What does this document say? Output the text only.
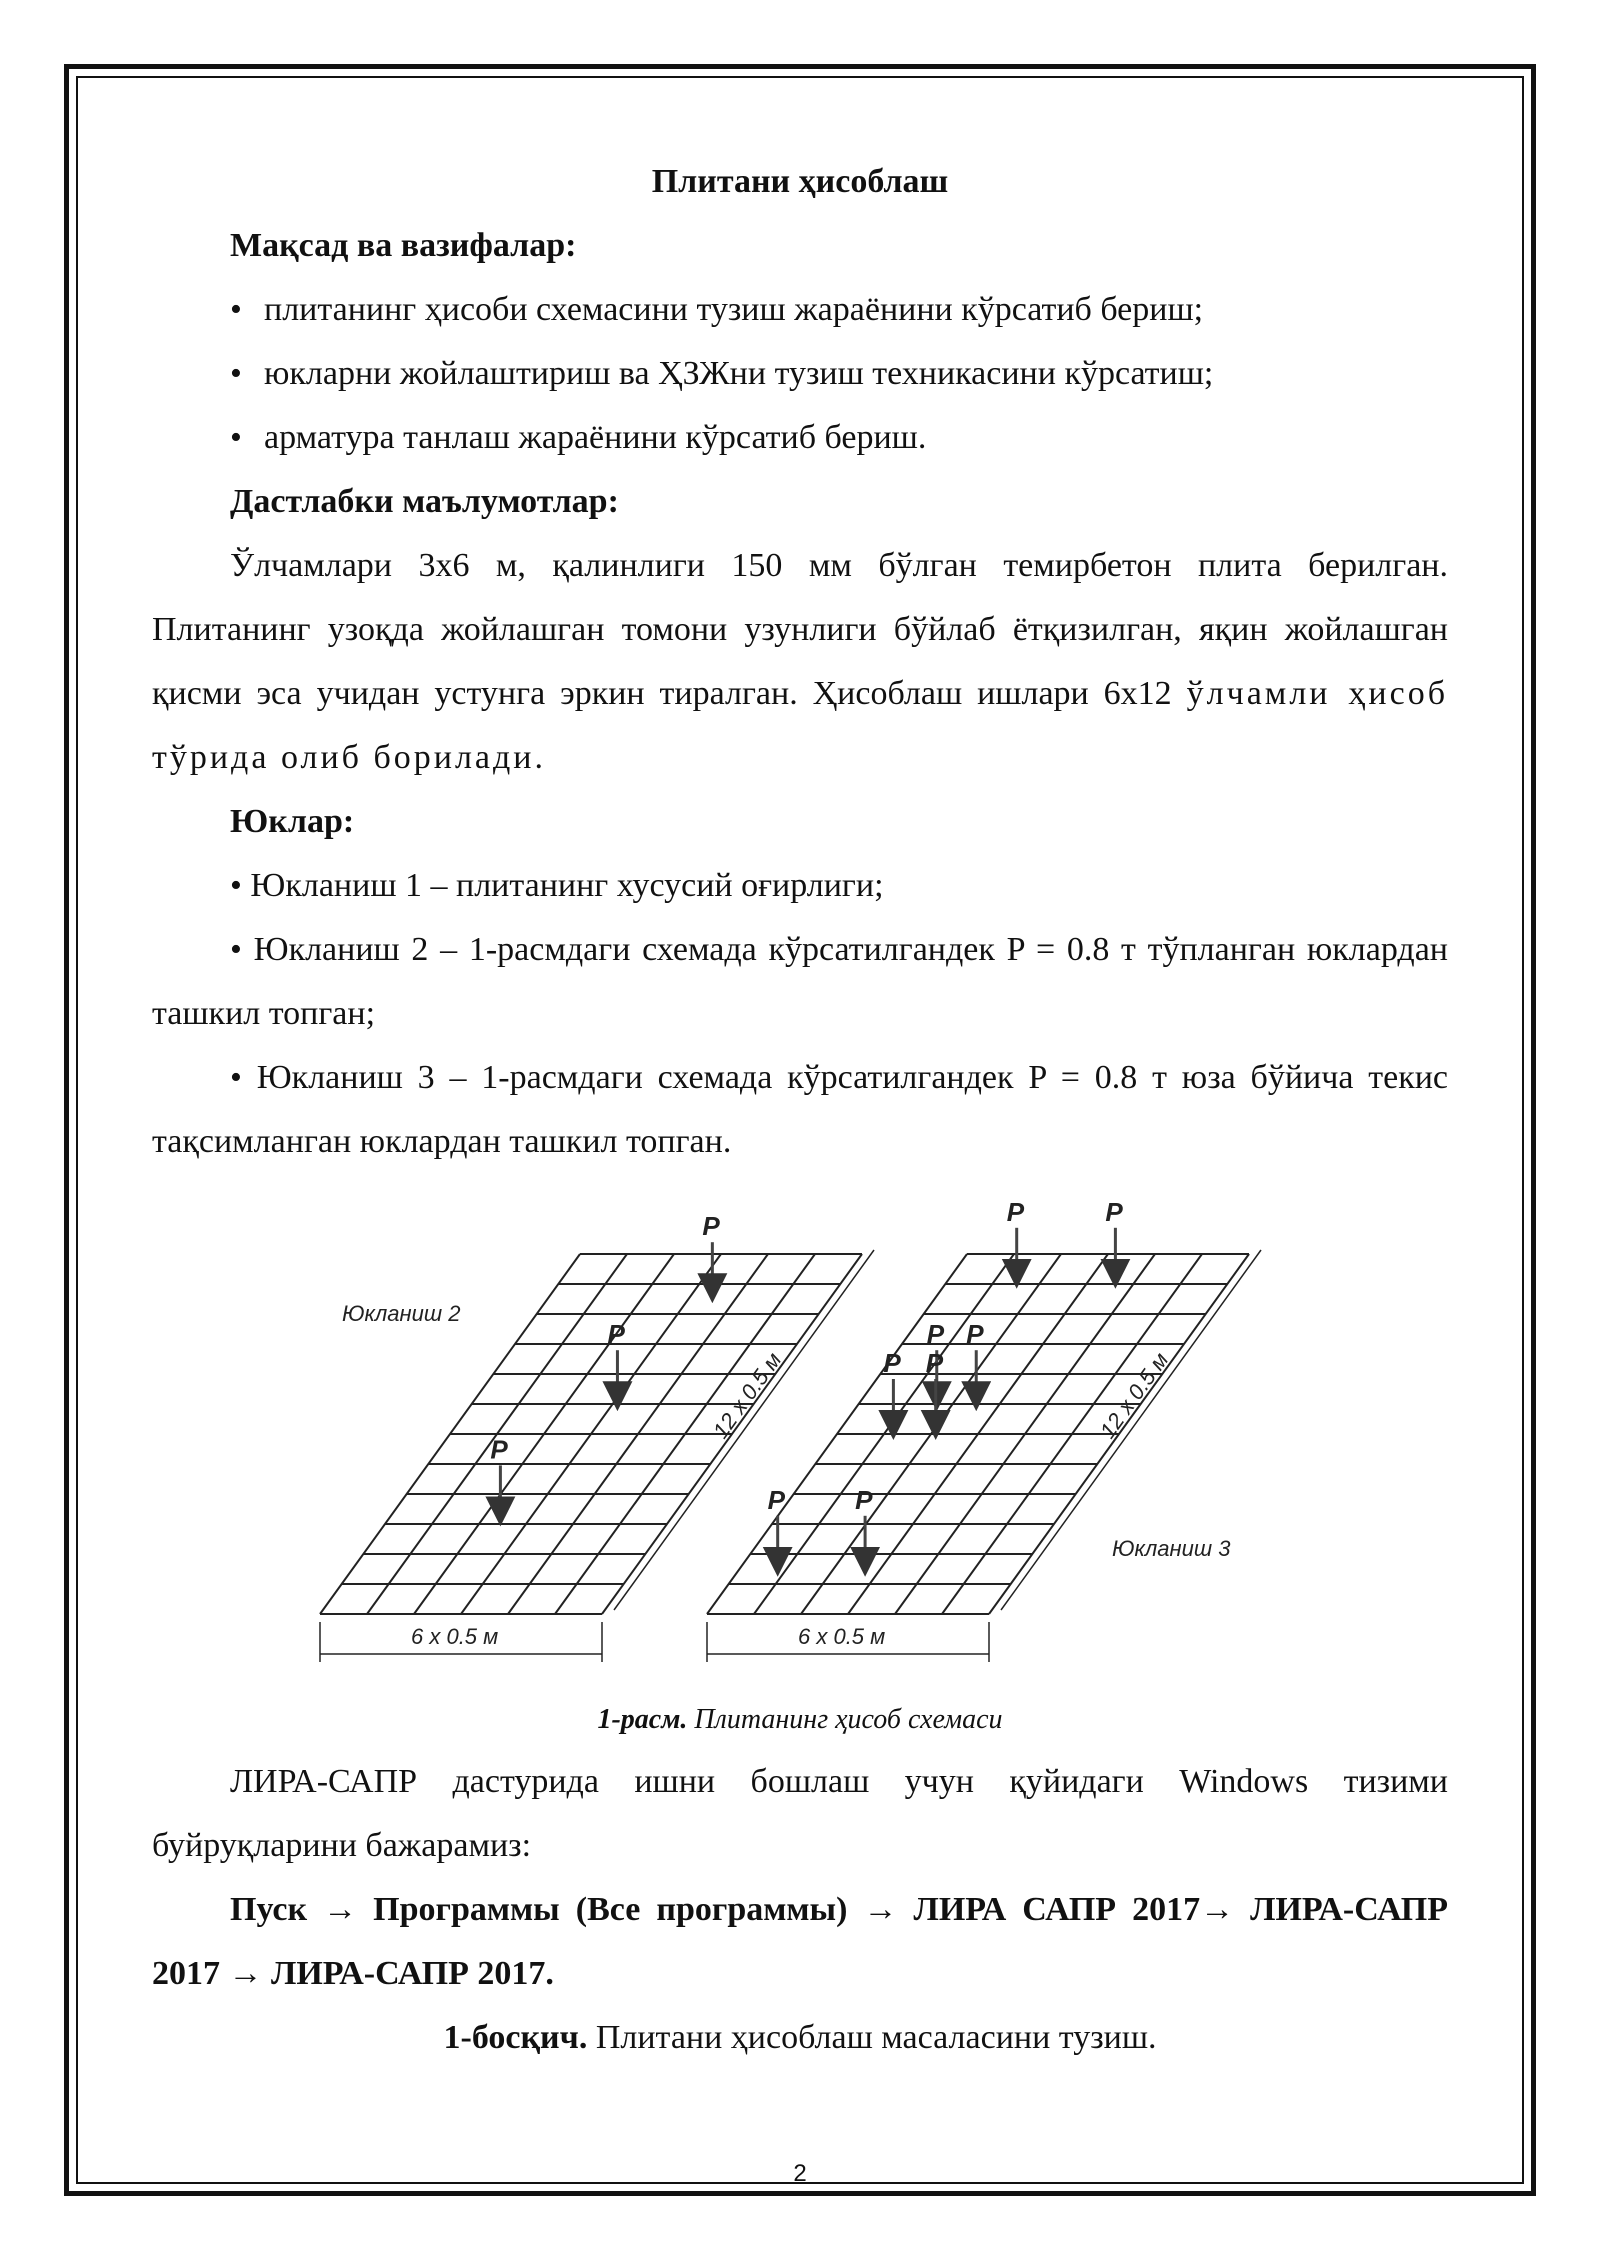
Плитани ҳисоблаш

Мақсад ва вазифалар:

• плитанинг ҳисоби схемасини тузиш жараёнини кўрсатиб бериш;

• юкларни жойлаштириш ва ҲЗЖни тузиш техникасини кўрсатиш;

• арматура танлаш жараёнини кўрсатиб бериш.

Дастлабки маълумотлар:

Ўлчамлари 3х6 м, қалинлиги 150 мм бўлган темирбетон плита берилган. Плитанинг узоқда жойлашган томони узунлиги бўйлаб ётқизилган, яқин жойлашган қисми эса учидан устунга эркин тиралган. Ҳисоблаш ишлари 6x12 ўлчамли ҳисоб тўрида олиб борилади.

Юклар:

• Юкланиш 1 – плитанинг хусусий оғирлиги;

• Юкланиш 2 – 1-расмдаги схемада кўрсатилгандек P = 0.8 т тўпланган юклардан ташкил топган;

• Юкланиш 3 – 1-расмдаги схемада кўрсатилгандек P = 0.8 т юза бўйича текис тақсимланган юклардан ташкил топган.

6 x 0.5 м
12 x 0.5 м
Юкланиш 2
P
P
P
6 x 0.5 м
12 x 0.5 м
Юкланиш 3
P	P
P P
P P
P	P

1-расм. Плитанинг ҳисоб схемаси

ЛИРА-САПР дастурида ишни бошлаш учун қуйидаги Windows тизими буйруқларини бажарамиз:

Пуск → Программы (Все программы) → ЛИРА САПР 2017→ ЛИРА-САПР 2017 → ЛИРА-САПР 2017.

1-босқич. Плитани ҳисоблаш масаласини тузиш.

2
